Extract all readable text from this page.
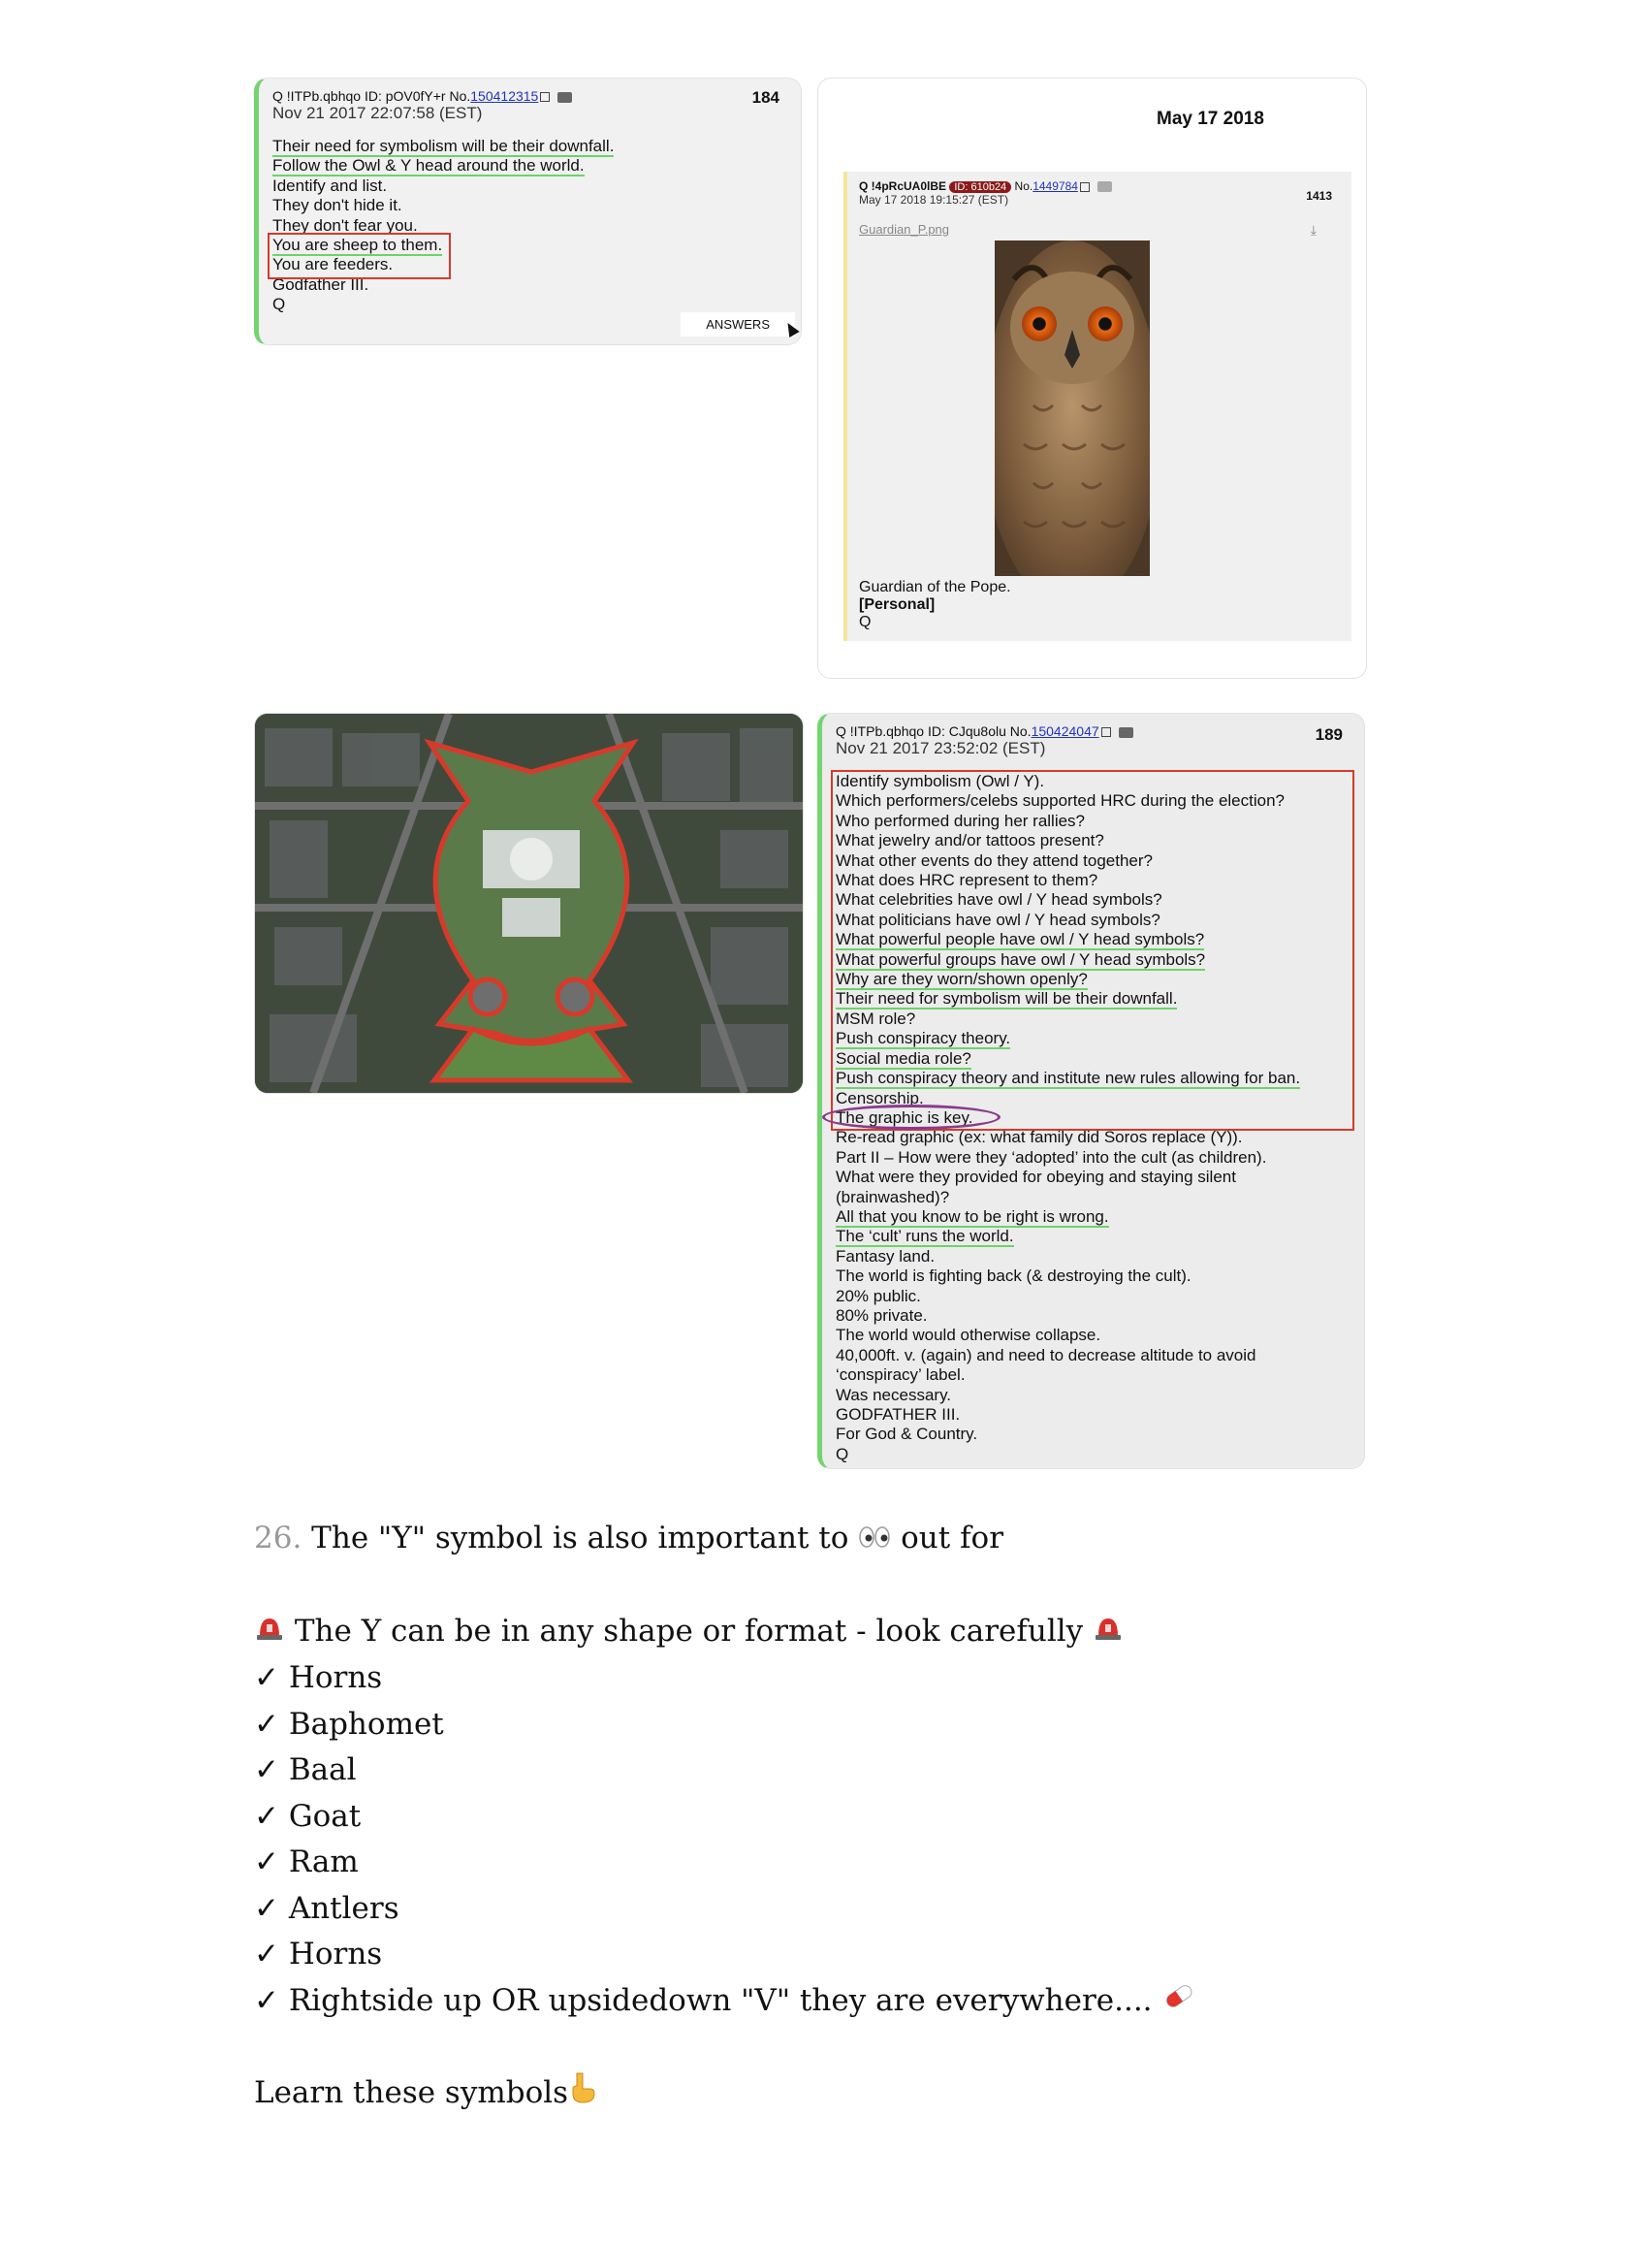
Q !ITPb.qbhqo ID: pOV0fY+r No.150412315	184
Nov 21 2017 22:07:58 (EST)
Their need for symbolism will be their downfall.
Follow the Owl & Y head around the world.
Identify and list.
They don't hide it.
They don't fear you.
You are sheep to them.
You are feeders.
Godfather III.
Q
ANSWERS
May 17 2018
Q !4pRcUA0lBE ID: 610b24 No.1449784
May 17 2018 19:15:27 (EST)	1413
⤓
Guardian_P.png
Guardian of the Pope.
[Personal]
Q
Q !ITPb.qbhqo ID: CJqu8olu No.150424047	189
Nov 21 2017 23:52:02 (EST)
Identify symbolism (Owl / Y).
Which performers/celebs supported HRC during the election?
Who performed during her rallies?
What jewelry and/or tattoos present?
What other events do they attend together?
What does HRC represent to them?
What celebrities have owl / Y head symbols?
What politicians have owl / Y head symbols?
What powerful people have owl / Y head symbols?
What powerful groups have owl / Y head symbols?
Why are they worn/shown openly?
Their need for symbolism will be their downfall.
MSM role?
Push conspiracy theory.
Social media role?
Push conspiracy theory and institute new rules allowing for ban.
Censorship.
The graphic is key.
Re-read graphic (ex: what family did Soros replace (Y)).
Part II – How were they ‘adopted’ into the cult (as children).
What were they provided for obeying and staying silent
(brainwashed)?
All that you know to be right is wrong.
The ‘cult’ runs the world.
Fantasy land.
The world is fighting back (& destroying the cult).
20% public.
80% private.
The world would otherwise collapse.
40,000ft. v. (again) and need to decrease altitude to avoid
‘conspiracy’ label.
Was necessary.
GODFATHER III.
For God & Country.
Q
26. The "Y" symbol is also important to out for
The Y can be in any shape or format - look carefully
✓ Horns
✓ Baphomet
✓ Baal
✓ Goat
✓ Ram
✓ Antlers
✓ Horns
✓ Rightside up OR upsidedown "V" they are everywhere....
Learn these symbols
